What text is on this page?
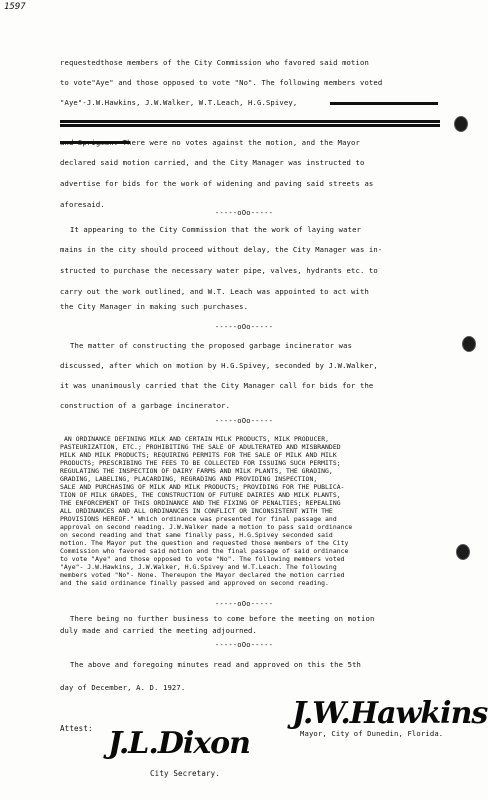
1597
requestedthose members of the City Commission who favored said motion
to vote"Aye" and those opposed to vote "No". The following members voted
"Aye"-J.W.Hawkins, J.W.Walker, W.T.Leach, H.G.Spivey,
and Sprigman. There were no votes against the motion, and the Mayor
declared said motion carried, and the City Manager was instructed to
advertise for bids for the work of widening and paving said streets as
aforesaid.
-----oOo-----
It appearing to the City Commission that the work of laying water
mains in the city should proceed without delay, the City Manager was in-
structed to purchase the necessary water pipe, valves, hydrants etc. to
carry out the work outlined, and W.T. Leach was appointed to act with
the City Manager in making such purchases.
-----oOo-----
The matter of constructing the proposed garbage incinerator was
discussed, after which on motion by H.G.Spivey, seconded by J.W.Walker,
it was unanimously carried that the City Manager call for bids for the
construction of a garbage incinerator.
-----oOo-----
AN ORDINANCE DEFINING MILK AND CERTAIN MILK PRODUCTS, MILK PRODUCER,
PASTEURIZATION, ETC.; PROHIBITING THE SALE OF ADULTERATED AND MISBRANDED
MILK AND MILK PRODUCTS; REQUIRING PERMITS FOR THE SALE OF MILK AND MILK
PRODUCTS; PRESCRIBING THE FEES TO BE COLLECTED FOR ISSUING SUCH PERMITS;
REGULATING THE INSPECTION OF DAIRY FARMS AND MILK PLANTS, THE GRADING,
GRADING, LABELING, PLACARDING, REGRADING AND PROVIDING INSPECTION,
SALE AND PURCHASING OF MILK AND MILK PRODUCTS; PROVIDING FOR THE PUBLICA-
TION OF MILK GRADES, THE CONSTRUCTION OF FUTURE DAIRIES AND MILK PLANTS,
THE ENFORCEMENT OF THIS ORDINANCE AND THE FIXING OF PENALTIES; REPEALING
ALL ORDINANCES AND ALL ORDINANCES IN CONFLICT OR INCONSISTENT WITH THE
PROVISIONS HEREOF." Which ordinance was presented for final passage and
approval on second reading. J.W.Walker made a motion to pass said ordinance
on second reading and that same finally pass, H.G.Spivey seconded said
motion. The Mayor put the question and requested those members of the City
Commission who favored said motion and the final passage of said ordinance
to vote "Aye" and those opposed to vote "No". The following members voted
"Aye"- J.W.Hawkins, J.W.Walker, H.G.Spivey and W.T.Leach. The following
members voted "No"- None. Thereupon the Mayor declared the motion carried
and the said ordinance finally passed and approved on second reading.
-----oOo-----
There being no further business to come before the meeting on motion
duly made and carried the meeting adjourned.
-----oOo-----
The above and foregoing minutes read and approved on this the 5th
day of December, A. D. 1927.
Attest:	J.W.Hawkins
Mayor, City of Dunedin, Florida.
J.L.Dixon
City Secretary.
